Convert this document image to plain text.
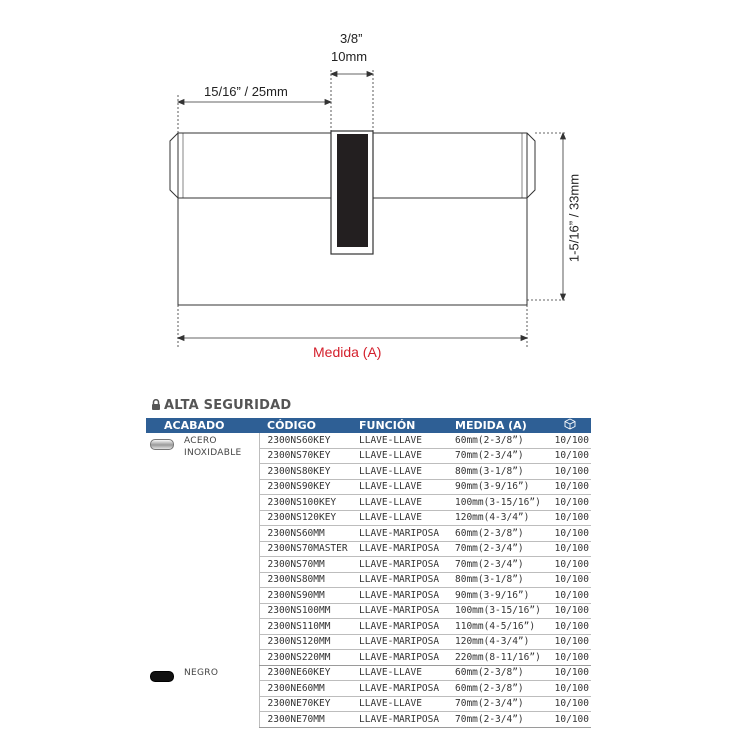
3/8”
10mm
15/16” / 25mm
1-5/16” / 33mm
Medida (A)
ALTA SEGURIDAD
ACABADO	CÓDIGO	FUNCIÓN	MEDIDA (A)	

ACERO INOXIDABLE	2300NS60KEY	LLAVE-LLAVE	60mm(2-3/8”)	10/100
	2300NS70KEY	LLAVE-LLAVE	70mm(2-3/4”)	10/100
	2300NS80KEY	LLAVE-LLAVE	80mm(3-1/8”)	10/100
	2300NS90KEY	LLAVE-LLAVE	90mm(3-9/16”)	10/100
	2300NS100KEY	LLAVE-LLAVE	100mm(3-15/16”)	10/100
	2300NS120KEY	LLAVE-LLAVE	120mm(4-3/4”)	10/100
	2300NS60MM	LLAVE-MARIPOSA	60mm(2-3/8”)	10/100
	2300NS70MASTER	LLAVE-MARIPOSA	70mm(2-3/4”)	10/100
	2300NS70MM	LLAVE-MARIPOSA	70mm(2-3/4”)	10/100
	2300NS80MM	LLAVE-MARIPOSA	80mm(3-1/8”)	10/100
	2300NS90MM	LLAVE-MARIPOSA	90mm(3-9/16”)	10/100
	2300NS100MM	LLAVE-MARIPOSA	100mm(3-15/16”)	10/100
	2300NS110MM	LLAVE-MARIPOSA	110mm(4-5/16”)	10/100
	2300NS120MM	LLAVE-MARIPOSA	120mm(4-3/4”)	10/100
	2300NS220MM	LLAVE-MARIPOSA	220mm(8-11/16”)	10/100

NEGRO	2300NE60KEY	LLAVE-LLAVE	60mm(2-3/8”)	10/100
	2300NE60MM	LLAVE-MARIPOSA	60mm(2-3/8”)	10/100
	2300NE70KEY	LLAVE-LLAVE	70mm(2-3/4”)	10/100
	2300NE70MM	LLAVE-MARIPOSA	70mm(2-3/4”)	10/100
